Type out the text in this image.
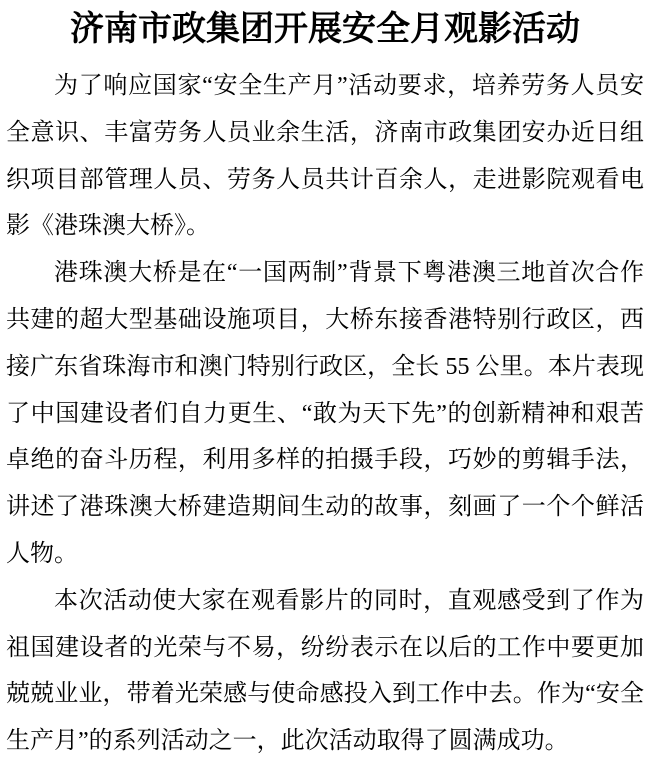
济南市政集团开展安全月观影活动

为了响应国家“安全生产月”活动要求，培养劳务人员安全意识、丰富劳务人员业余生活，济南市政集团安办近日组织项目部管理人员、劳务人员共计百余人，走进影院观看电影《港珠澳大桥》。

港珠澳大桥是在“一国两制”背景下粤港澳三地首次合作共建的超大型基础设施项目，大桥东接香港特别行政区，西接广东省珠海市和澳门特别行政区，全长 55 公里。本片表现了中国建设者们自力更生、“敢为天下先”的创新精神和艰苦卓绝的奋斗历程，利用多样的拍摄手段，巧妙的剪辑手法，讲述了港珠澳大桥建造期间生动的故事，刻画了一个个鲜活人物。

本次活动使大家在观看影片的同时，直观感受到了作为祖国建设者的光荣与不易，纷纷表示在以后的工作中要更加兢兢业业，带着光荣感与使命感投入到工作中去。作为“安全生产月”的系列活动之一，此次活动取得了圆满成功。
